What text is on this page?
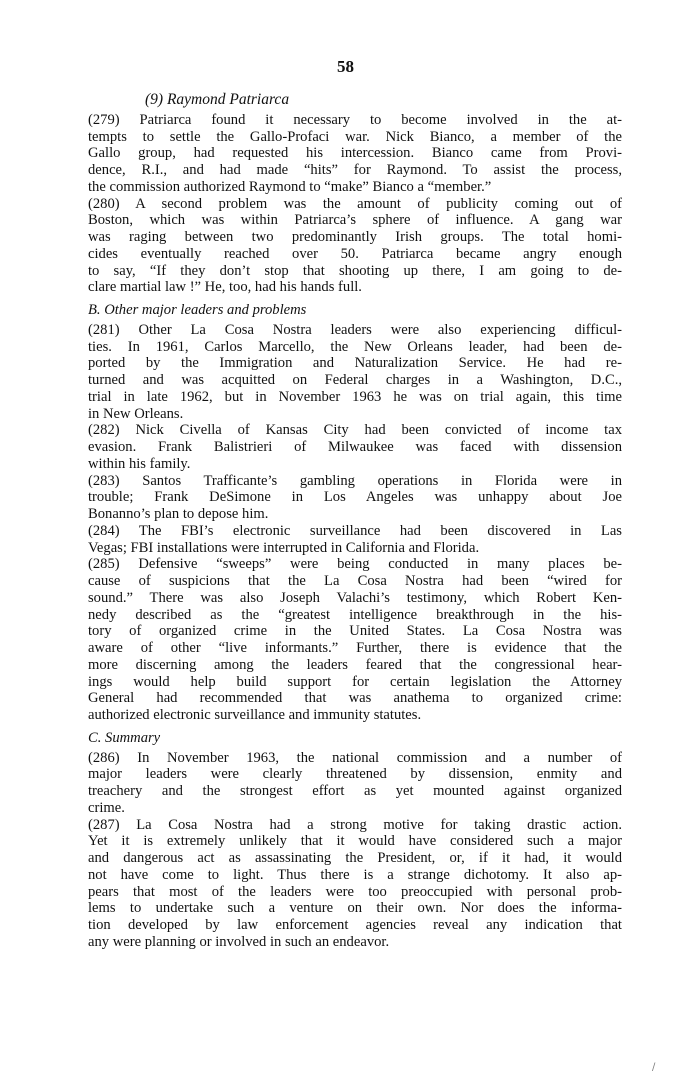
58
(9) Raymond Patriarca
(279) Patriarca found it necessary to become involved in the at-
tempts to settle the Gallo-Profaci war. Nick Bianco, a member of the
Gallo group, had requested his intercession. Bianco came from Provi-
dence, R.I., and had made “hits” for Raymond. To assist the process,
the commission authorized Raymond to “make” Bianco a “member.”
(280) A second problem was the amount of publicity coming out of
Boston, which was within Patriarca’s sphere of influence. A gang war
was raging between two predominantly Irish groups. The total homi-
cides eventually reached over 50. Patriarca became angry enough
to say, “If they don’t stop that shooting up there, I am going to de-
clare martial law !” He, too, had his hands full.
B. Other major leaders and problems
(281) Other La Cosa Nostra leaders were also experiencing difficul-
ties. In 1961, Carlos Marcello, the New Orleans leader, had been de-
ported by the Immigration and Naturalization Service. He had re-
turned and was acquitted on Federal charges in a Washington, D.C.,
trial in late 1962, but in November 1963 he was on trial again, this time
in New Orleans.
(282) Nick Civella of Kansas City had been convicted of income tax
evasion. Frank Balistrieri of Milwaukee was faced with dissension
within his family.
(283) Santos Trafficante’s gambling operations in Florida were in
trouble; Frank DeSimone in Los Angeles was unhappy about Joe
Bonanno’s plan to depose him.
(284) The FBI’s electronic surveillance had been discovered in Las
Vegas; FBI installations were interrupted in California and Florida.
(285) Defensive “sweeps” were being conducted in many places be-
cause of suspicions that the La Cosa Nostra had been “wired for
sound.” There was also Joseph Valachi’s testimony, which Robert Ken-
nedy described as the “greatest intelligence breakthrough in the his-
tory of organized crime in the United States. La Cosa Nostra was
aware of other “live informants.” Further, there is evidence that the
more discerning among the leaders feared that the congressional hear-
ings would help build support for certain legislation the Attorney
General had recommended that was anathema to organized crime:
authorized electronic surveillance and immunity statutes.
C. Summary
(286) In November 1963, the national commission and a number of
major leaders were clearly threatened by dissension, enmity and
treachery and the strongest effort as yet mounted against organized
crime.
(287) La Cosa Nostra had a strong motive for taking drastic action.
Yet it is extremely unlikely that it would have considered such a major
and dangerous act as assassinating the President, or, if it had, it would
not have come to light. Thus there is a strange dichotomy. It also ap-
pears that most of the leaders were too preoccupied with personal prob-
lems to undertake such a venture on their own. Nor does the informa-
tion developed by law enforcement agencies reveal any indication that
any were planning or involved in such an endeavor.
/
